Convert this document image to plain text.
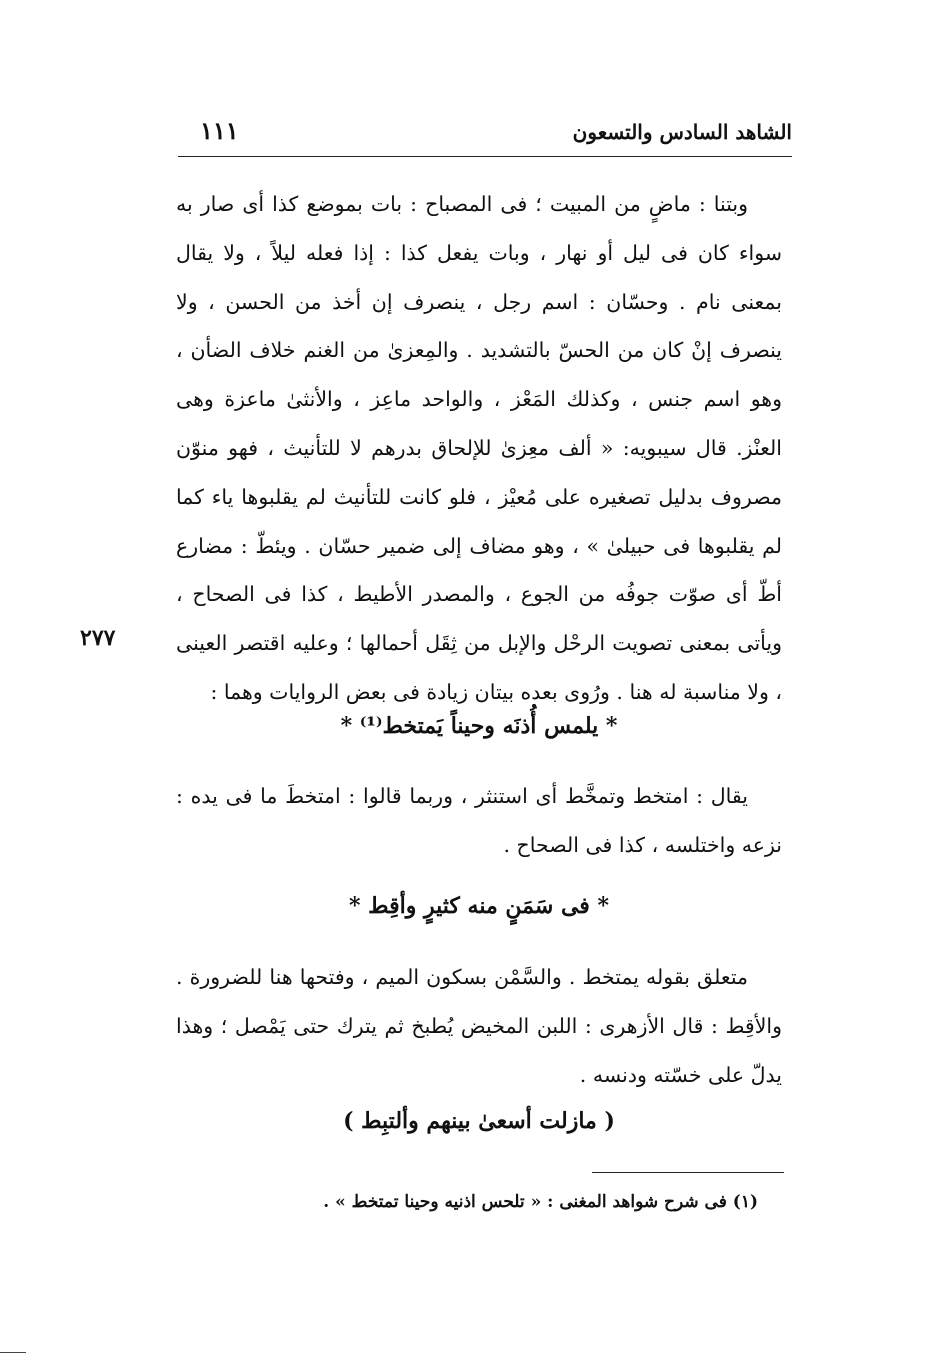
الشاهد السادس والتسعون
١١١

وبتنا : ماضٍ من المبيت ؛ فى المصباح : بات بموضع كذا أى صار به سواء كان فى ليل أو نهار ، وبات يفعل كذا : إذا فعله ليلاً ، ولا يقال بمعنى نام . وحسّان : اسم رجل ، ينصرف إن أخذ من الحسن ، ولا ينصرف إنْ كان من الحسّ بالتشديد . والمِعزىٰ من الغنم خلاف الضأن ، وهو اسم جنس ، وكذلك المَعْز ، والواحد ماعِز ، والأنثىٰ ماعزة وهى العنْز. قال سيبويه: « ألف معِزىٰ للإلحاق بدرهم لا للتأنيث ، فهو منوّن مصروف بدليل تصغيره على مُعيْز ، فلو كانت للتأنيث لم يقلبوها ياء كما لم يقلبوها فى حبيلىٰ » ، وهو مضاف إلى ضمير حسّان . ويئطّ : مضارع أطّ أى صوّت جوفُه من الجوع ، والمصدر الأطيط ، كذا فى الصحاح ، ويأتى بمعنى تصويت الرحْل والإبل من ثِقَل أحمالها ؛ وعليه اقتصر العينى ، ولا مناسبة له هنا . ورُوى بعده بيتان زيادة فى بعض الروايات وهما :

* يلمس أُذنَه وحيناً يَمتخط⁽¹⁾ *

يقال : امتخط وتمخَّط أى استنثر ، وربما قالوا : امتخطَ ما فى يده : نزعه واختلسه ، كذا فى الصحاح .

* فى سَمَنٍ منه كثيرٍ وأقِط *

متعلق بقوله يمتخط . والسَّمْن بسكون الميم ، وفتحها هنا للضرورة . والأقِط : قال الأزهرى : اللبن المخيض يُطبخ ثم يترك حتى يَمْصل ؛ وهذا يدلّ على خسّته ودنسه .

( مازلت أسعىٰ بينهم وألتبِط )
٢٧٧
(١) فى شرح شواهد المغنى : « تلحس اذنيه وحينا تمتخط » .
